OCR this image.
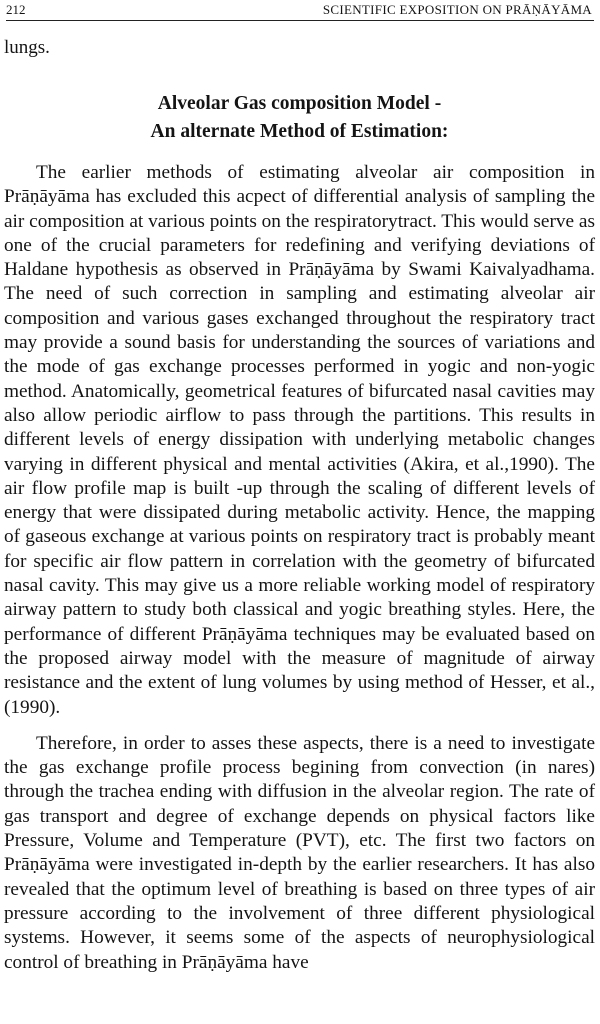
212	SCIENTIFIC EXPOSITION ON PRĀṆĀYĀMA

lungs.

Alveolar Gas composition Model -
An alternate Method of Estimation:

The earlier methods of estimating alveolar air composition in Prāṇāyāma has excluded this acpect of differential analysis of sampling the air composition at various points on the respiratorytract. This would serve as one of the crucial parameters for redefining and verifying deviations of Haldane hypothesis as observed in Prāṇāyāma by Swami Kaivalyadhama. The need of such correction in sampling and estimating alveolar air composition and various gases exchanged throughout the respiratory tract may provide a sound basis for understanding the sources of variations and the mode of gas exchange processes performed in yogic and non-yogic method. Anatomically, geometrical features of bifurcated nasal cavities may also allow periodic airflow to pass through the partitions. This results in different levels of energy dissipation with underlying metabolic changes varying in different physical and mental activities (Akira, et al.,1990). The air flow profile map is built -up through the scaling of different levels of energy that were dissipated during metabolic activity. Hence, the mapping of gaseous exchange at various points on respiratory tract is probably meant for specific air flow pattern in correlation with the geometry of bifurcated nasal cavity. This may give us a more reliable working model of respiratory airway pattern to study both classical and yogic breathing styles. Here, the performance of different Prāṇāyāma techniques may be evaluated based on the proposed airway model with the measure of magnitude of airway resistance and the extent of lung volumes by using method of Hesser, et al., (1990).

Therefore, in order to asses these aspects, there is a need to investigate the gas exchange profile process begining from convection (in nares) through the trachea ending with diffusion in the alveolar region. The rate of gas transport and degree of exchange depends on physical factors like Pressure, Volume and Temperature (PVT), etc. The first two factors on Prāṇāyāma were investigated in-depth by the earlier researchers. It has also revealed that the optimum level of breathing is based on three types of air pressure according to the involvement of three different physiological systems. However, it seems some of the aspects of neurophysiological control of breathing in Prāṇāyāma have
